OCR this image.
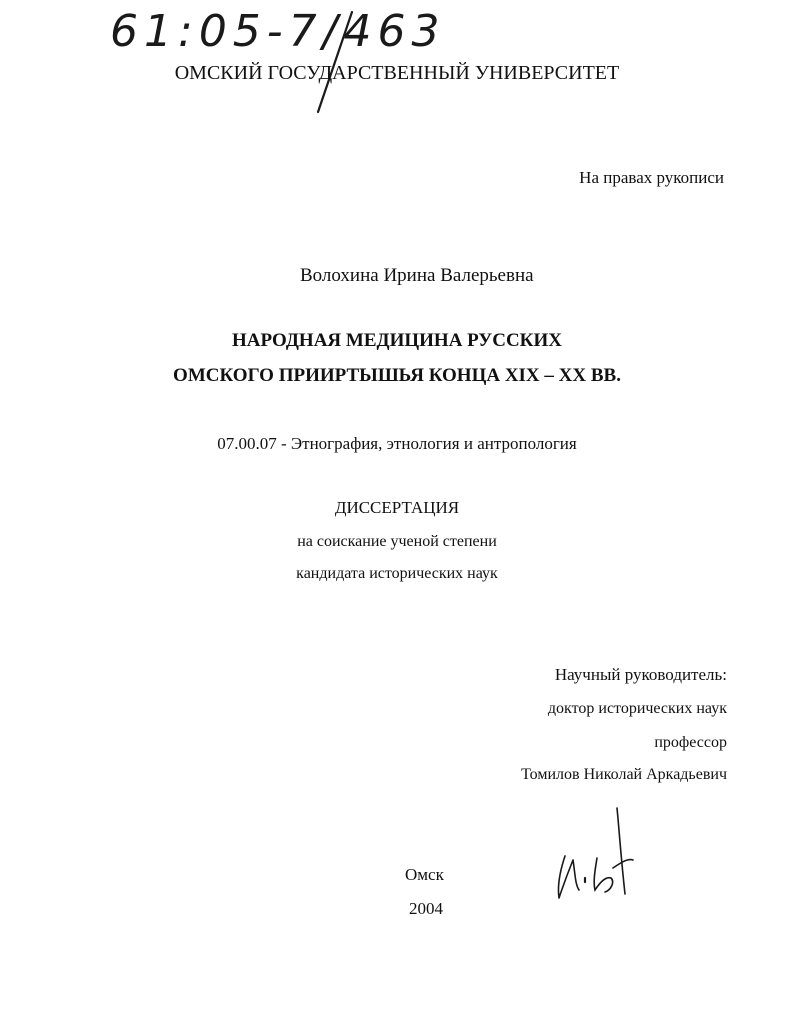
61:05-7/463
ОМСКИЙ ГОСУДАРСТВЕННЫЙ УНИВЕРСИТЕТ
На правах рукописи
Волохина Ирина Валерьевна
НАРОДНАЯ МЕДИЦИНА РУССКИХ
ОМСКОГО ПРИИРТЫШЬЯ КОНЦА XIX – XX ВВ.
07.00.07 - Этнография, этнология и антропология
ДИССЕРТАЦИЯ
на соискание ученой степени
кандидата исторических наук
Научный руководитель:
доктор исторических наук
профессор
Томилов Николай Аркадьевич
Омск
2004
